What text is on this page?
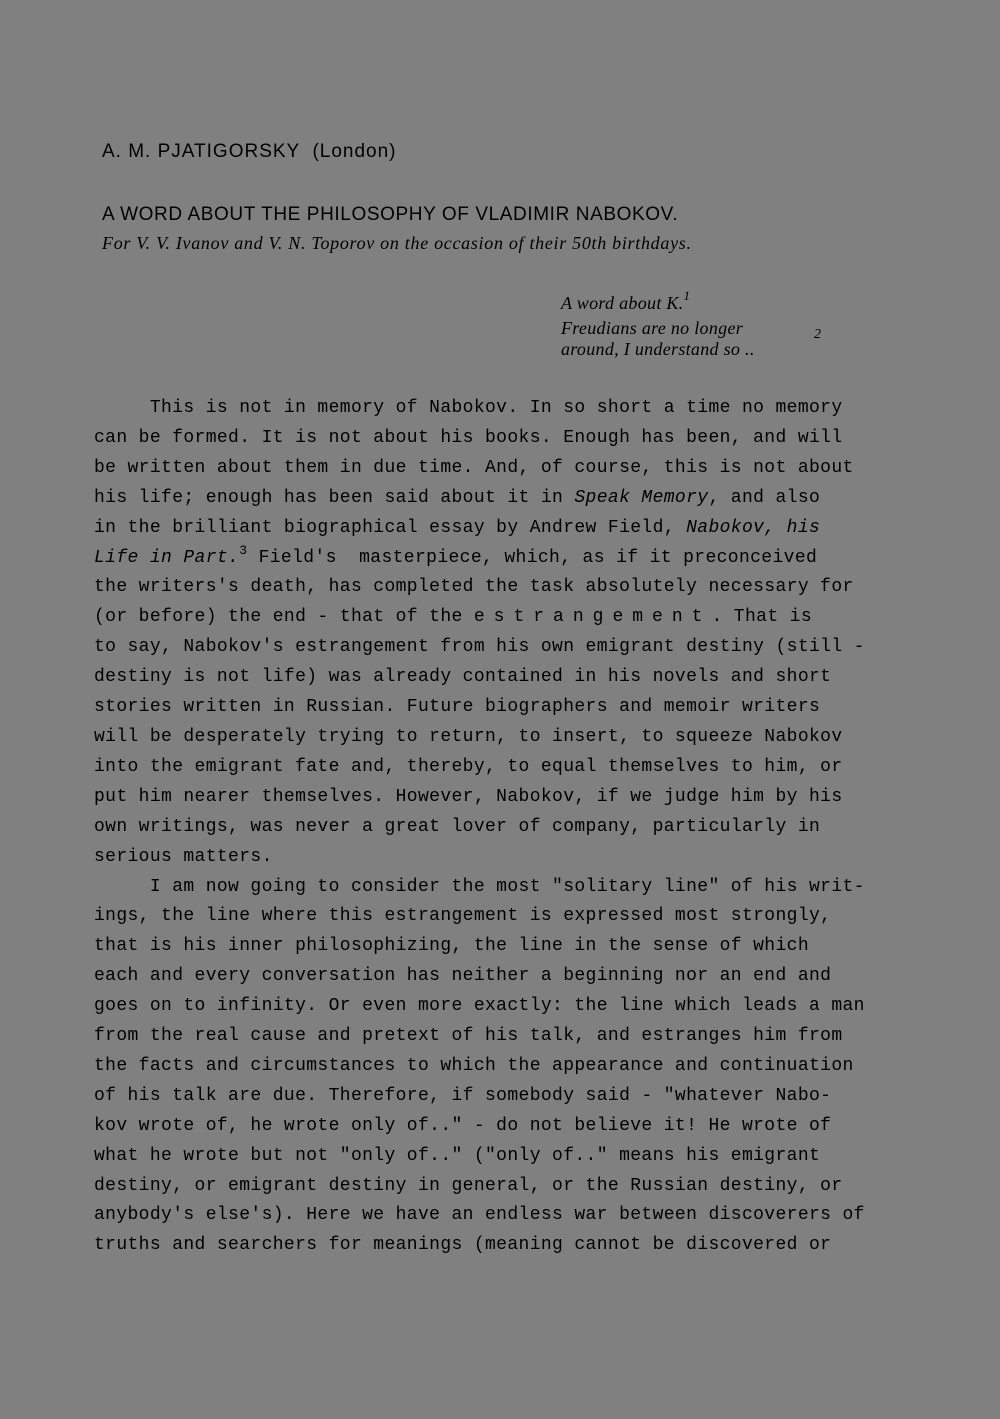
A. M. PJATIGORSKY (London)
A WORD ABOUT THE PHILOSOPHY OF VLADIMIR NABOKOV.
For V. V. Ivanov and V. N. Toporov on the occasion of their 50th birthdays.
A word about K.$^1$
Freudians are no longer
around, I understand so ..
2
This is not in memory of Nabokov. In so short a time no memory
can be formed. It is not about his books. Enough has been, and will
be written about them in due time. And, of course, this is not about
his life; enough has been said about it in Speak Memory, and also
in the brilliant biographical essay by Andrew Field, Nabokov, his
Life in Part.$^3$ Field's  masterpiece, which, as if it preconceived
the writers's death, has completed the task absolutely necessary for
(or before) the end - that of the estrangement. That is
to say, Nabokov's estrangement from his own emigrant destiny (still -
destiny is not life) was already contained in his novels and short
stories written in Russian. Future biographers and memoir writers
will be desperately trying to return, to insert, to squeeze Nabokov
into the emigrant fate and, thereby, to equal themselves to him, or
put him nearer themselves. However, Nabokov, if we judge him by his
own writings, was never a great lover of company, particularly in
serious matters.
I am now going to consider the most "solitary line" of his writ-
ings, the line where this estrangement is expressed most strongly,
that is his inner philosophizing, the line in the sense of which
each and every conversation has neither a beginning nor an end and
goes on to infinity. Or even more exactly: the line which leads a man
from the real cause and pretext of his talk, and estranges him from
the facts and circumstances to which the appearance and continuation
of his talk are due. Therefore, if somebody said - "whatever Nabo-
kov wrote of, he wrote only of.." - do not believe it! He wrote of
what he wrote but not "only of.." ("only of.." means his emigrant
destiny, or emigrant destiny in general, or the Russian destiny, or
anybody's else's). Here we have an endless war between discoverers of
truths and searchers for meanings (meaning cannot be discovered or
